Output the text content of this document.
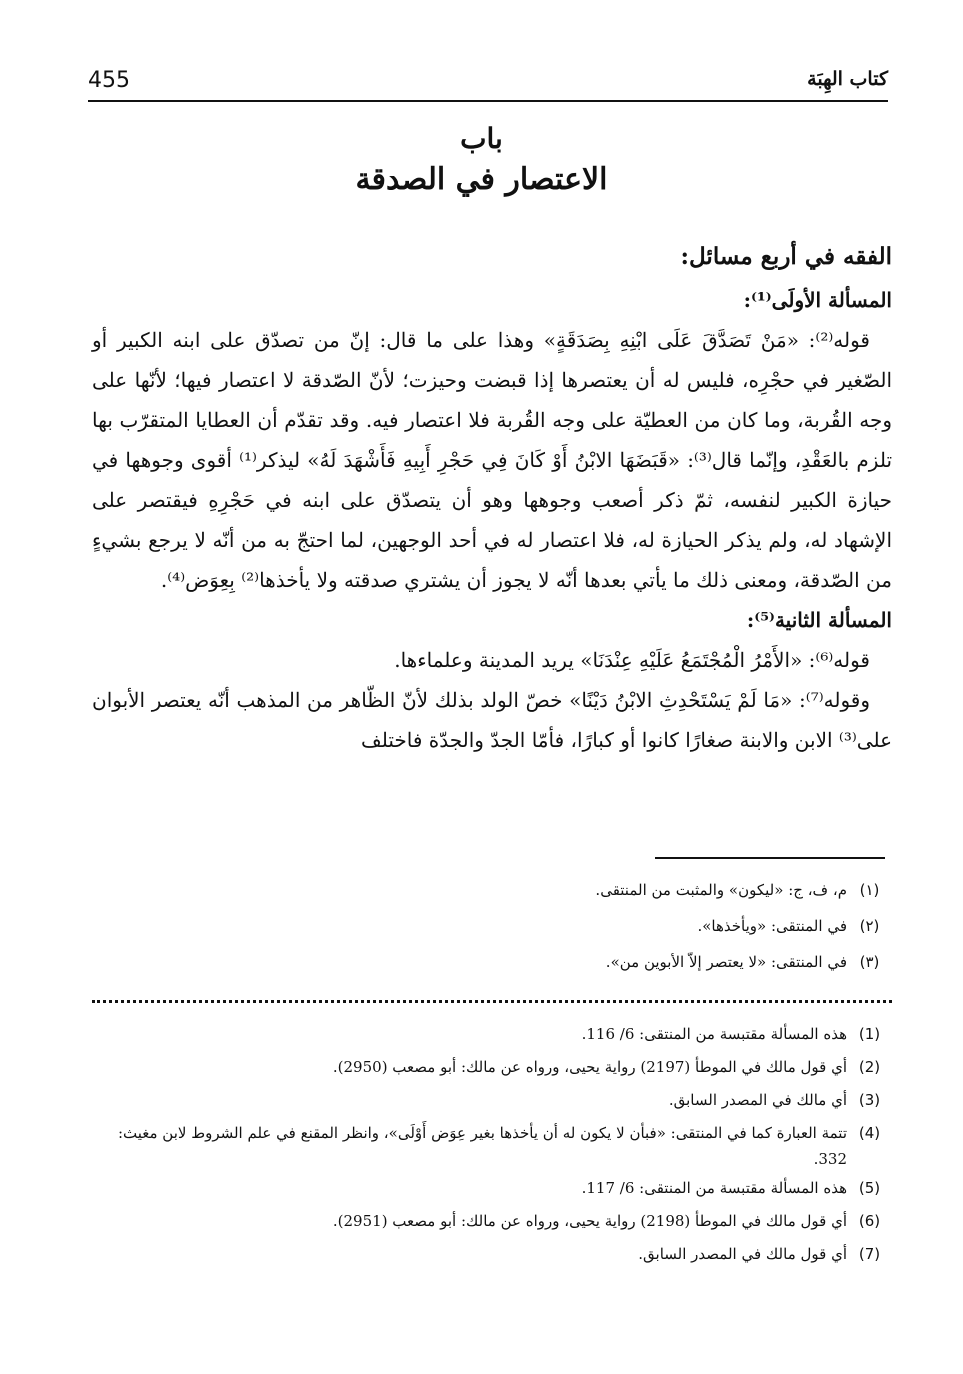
455	كتاب الهِبَة
باب
الاعتصار في الصدقة

الفقه في أربع مسائل:

المسألة الأولَى⁽¹⁾:

قوله⁽²⁾: «مَنْ تَصَدَّقَ عَلَى ابْنِهِ بِصَدَقَةٍ» وهذا على ما قال: إنّ من تصدّق على ابنه الكبير أو الصّغير في حجْرِه، فليس له أن يعتصرها إذا قبضت وحيزت؛ لأنّ الصّدقة لا اعتصار فيها؛ لأنّها على وجه القُربة، وما كان من العطيّة على وجه القُربة فلا اعتصار فيه. وقد تقدّم أن العطايا المتقرّب بها تلزم بالعَقْدِ، وإنّما قال⁽³⁾: «قَبَضَهَا الابْنُ أَوْ كَانَ فِي حَجْرِ أَبِيهِ فَأَشْهَدَ لَهُ» ليذكر⁽¹⁾ أقوى وجوهها في حيازة الكبير لنفسه، ثمّ ذكر أصعب وجوهها وهو أن يتصدّق على ابنه في حَجْرِهِ فيقتصر على الإشهاد له، ولم يذكر الحيازة له، فلا اعتصار له في أحد الوجهين، لما احتجّ به من أنّه لا يرجع بشيءٍ من الصّدقة، ومعنى ذلك ما يأتي بعدها أنّه لا يجوز أن يشتري صدقته ولا يأخذها⁽²⁾ بِعِوَض⁽⁴⁾.

المسألة الثانية⁽⁵⁾:

قوله⁽⁶⁾: «الأَمْرُ الْمُجْتَمَعُ عَلَيْهِ عِنْدَنَا» يريد المدينة وعلماءها.

وقوله⁽⁷⁾: «مَا لَمْ يَسْتَحْدِثِ الابْنُ دَيْنًا» خصّ الولد بذلك لأنّ الظّاهر من المذهب أنّه يعتصر الأبوان على⁽³⁾ الابن والابنة صغارًا كانوا أو كبارًا، فأمّا الجدّ والجدّة فاختلف

(١)
م، ف، ج: «ليكون» والمثبت من المنتقى.
(٢)
في المنتقى: «ويأخذها».
(٣)
في المنتقى: «لا يعتصر إلاّ الأبوين من».
(1)
هذه المسألة مقتبسة من المنتقى: 6/ 116.
(2)
أي قول مالك في الموطأ (2197) رواية يحيى، ورواه عن مالك: أبو مصعب (2950).
(3)
أي مالك في المصدر السابق.
(4)
تتمة العبارة كما في المنتقى: «فبأن لا يكون له أن يأخذها بغير عِوَض أَوْلَى»، وانظر المقنع في علم الشروط لابن مغيث: 332.
(5)
هذه المسألة مقتبسة من المنتقى: 6/ 117.
(6)
أي قول مالك في الموطأ (2198) رواية يحيى، ورواه عن مالك: أبو مصعب (2951).
(7)
أي قول مالك في المصدر السابق.
